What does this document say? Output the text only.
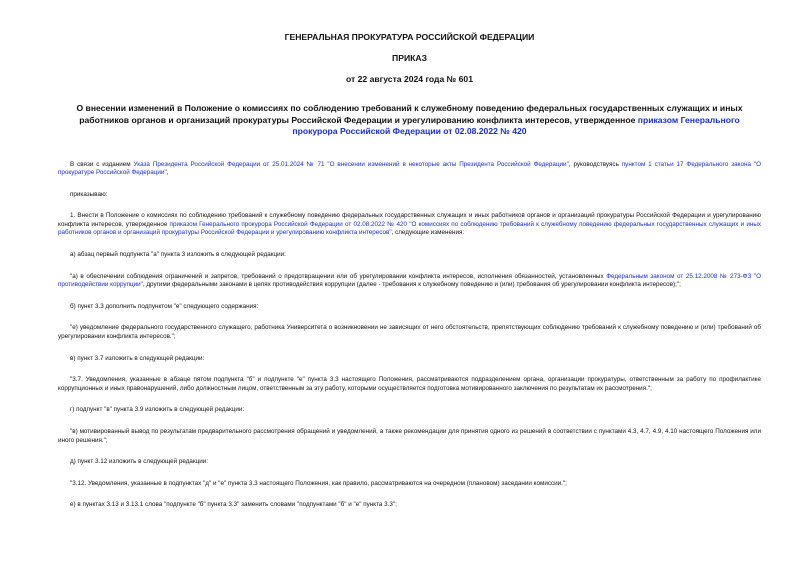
ГЕНЕРАЛЬНАЯ ПРОКУРАТУРА РОССИЙСКОЙ ФЕДЕРАЦИИ
ПРИКАЗ
от 22 августа 2024 года № 601
О внесении изменений в Положение о комиссиях по соблюдению требований к служебному поведению федеральных государственных служащих и иных работников органов и организаций прокуратуры Российской Федерации и урегулированию конфликта интересов, утвержденное приказом Генерального прокурора Российской Федерации от 02.08.2022 № 420

В связи с изданием Указа Президента Российской Федерации от 25.01.2024 № 71 "О внесении изменений в некоторые акты Президента Российской Федерации", руководствуясь пунктом 1 статьи 17 Федерального закона "О прокуратуре Российской Федерации",

приказываю:

1. Внести в Положение о комиссиях по соблюдению требований к служебному поведению федеральных государственных служащих и иных работников органов и организаций прокуратуры Российской Федерации и урегулированию конфликта интересов, утвержденное приказом Генерального прокурора Российской Федерации от 02.08.2022 № 420 "О комиссиях по соблюдению требований к служебному поведению федеральных государственных служащих и иных работников органов и организаций прокуратуры Российской Федерации и урегулированию конфликта интересов", следующие изменения:

а) абзац первый подпункта "а" пункта 3 изложить в следующей редакции:

"а) в обеспечении соблюдения ограничений и запретов, требований о предотвращении или об урегулировании конфликта интересов, исполнения обязанностей, установленных Федеральным законом от 25.12.2008 № 273-ФЗ "О противодействии коррупции", другими федеральными законами в целях противодействия коррупции (далее - требования к служебному поведению и (или) требования об урегулировании конфликта интересов);";

б) пункт 3.3 дополнить подпунктом "е" следующего содержания:

"е) уведомление федерального государственного служащего, работника Университета о возникновении не зависящих от него обстоятельств, препятствующих соблюдению требований к служебному поведению и (или) требований об урегулировании конфликта интересов.";

в) пункт 3.7 изложить в следующей редакции:

"3.7. Уведомления, указанные в абзаце пятом подпункта "б" и подпункте "е" пункта 3.3 настоящего Положения, рассматриваются подразделением органа, организации прокуратуры, ответственным за работу по профилактике коррупционных и иных правонарушений, либо должностным лицом, ответственным за эту работу, которыми осуществляется подготовка мотивированного заключения по результатам их рассмотрения.";

г) подпункт "в" пункта 3.9 изложить в следующей редакции:

"в) мотивированный вывод по результатам предварительного рассмотрения обращений и уведомлений, а также рекомендации для принятия одного из решений в соответствии с пунктами 4.3, 4.7, 4.9, 4.10 настоящего Положения или иного решения.";

д) пункт 3.12 изложить в следующей редакции:

"3.12. Уведомления, указанные в подпунктах "д" и "е" пункта 3.3 настоящего Положения, как правило, рассматриваются на очередном (плановом) заседании комиссии.";

е) в пунктах 3.13 и 3.13.1 слова "подпункте "б" пункта 3.3" заменить словами "подпунктами "б" и "е" пункта 3.3";
